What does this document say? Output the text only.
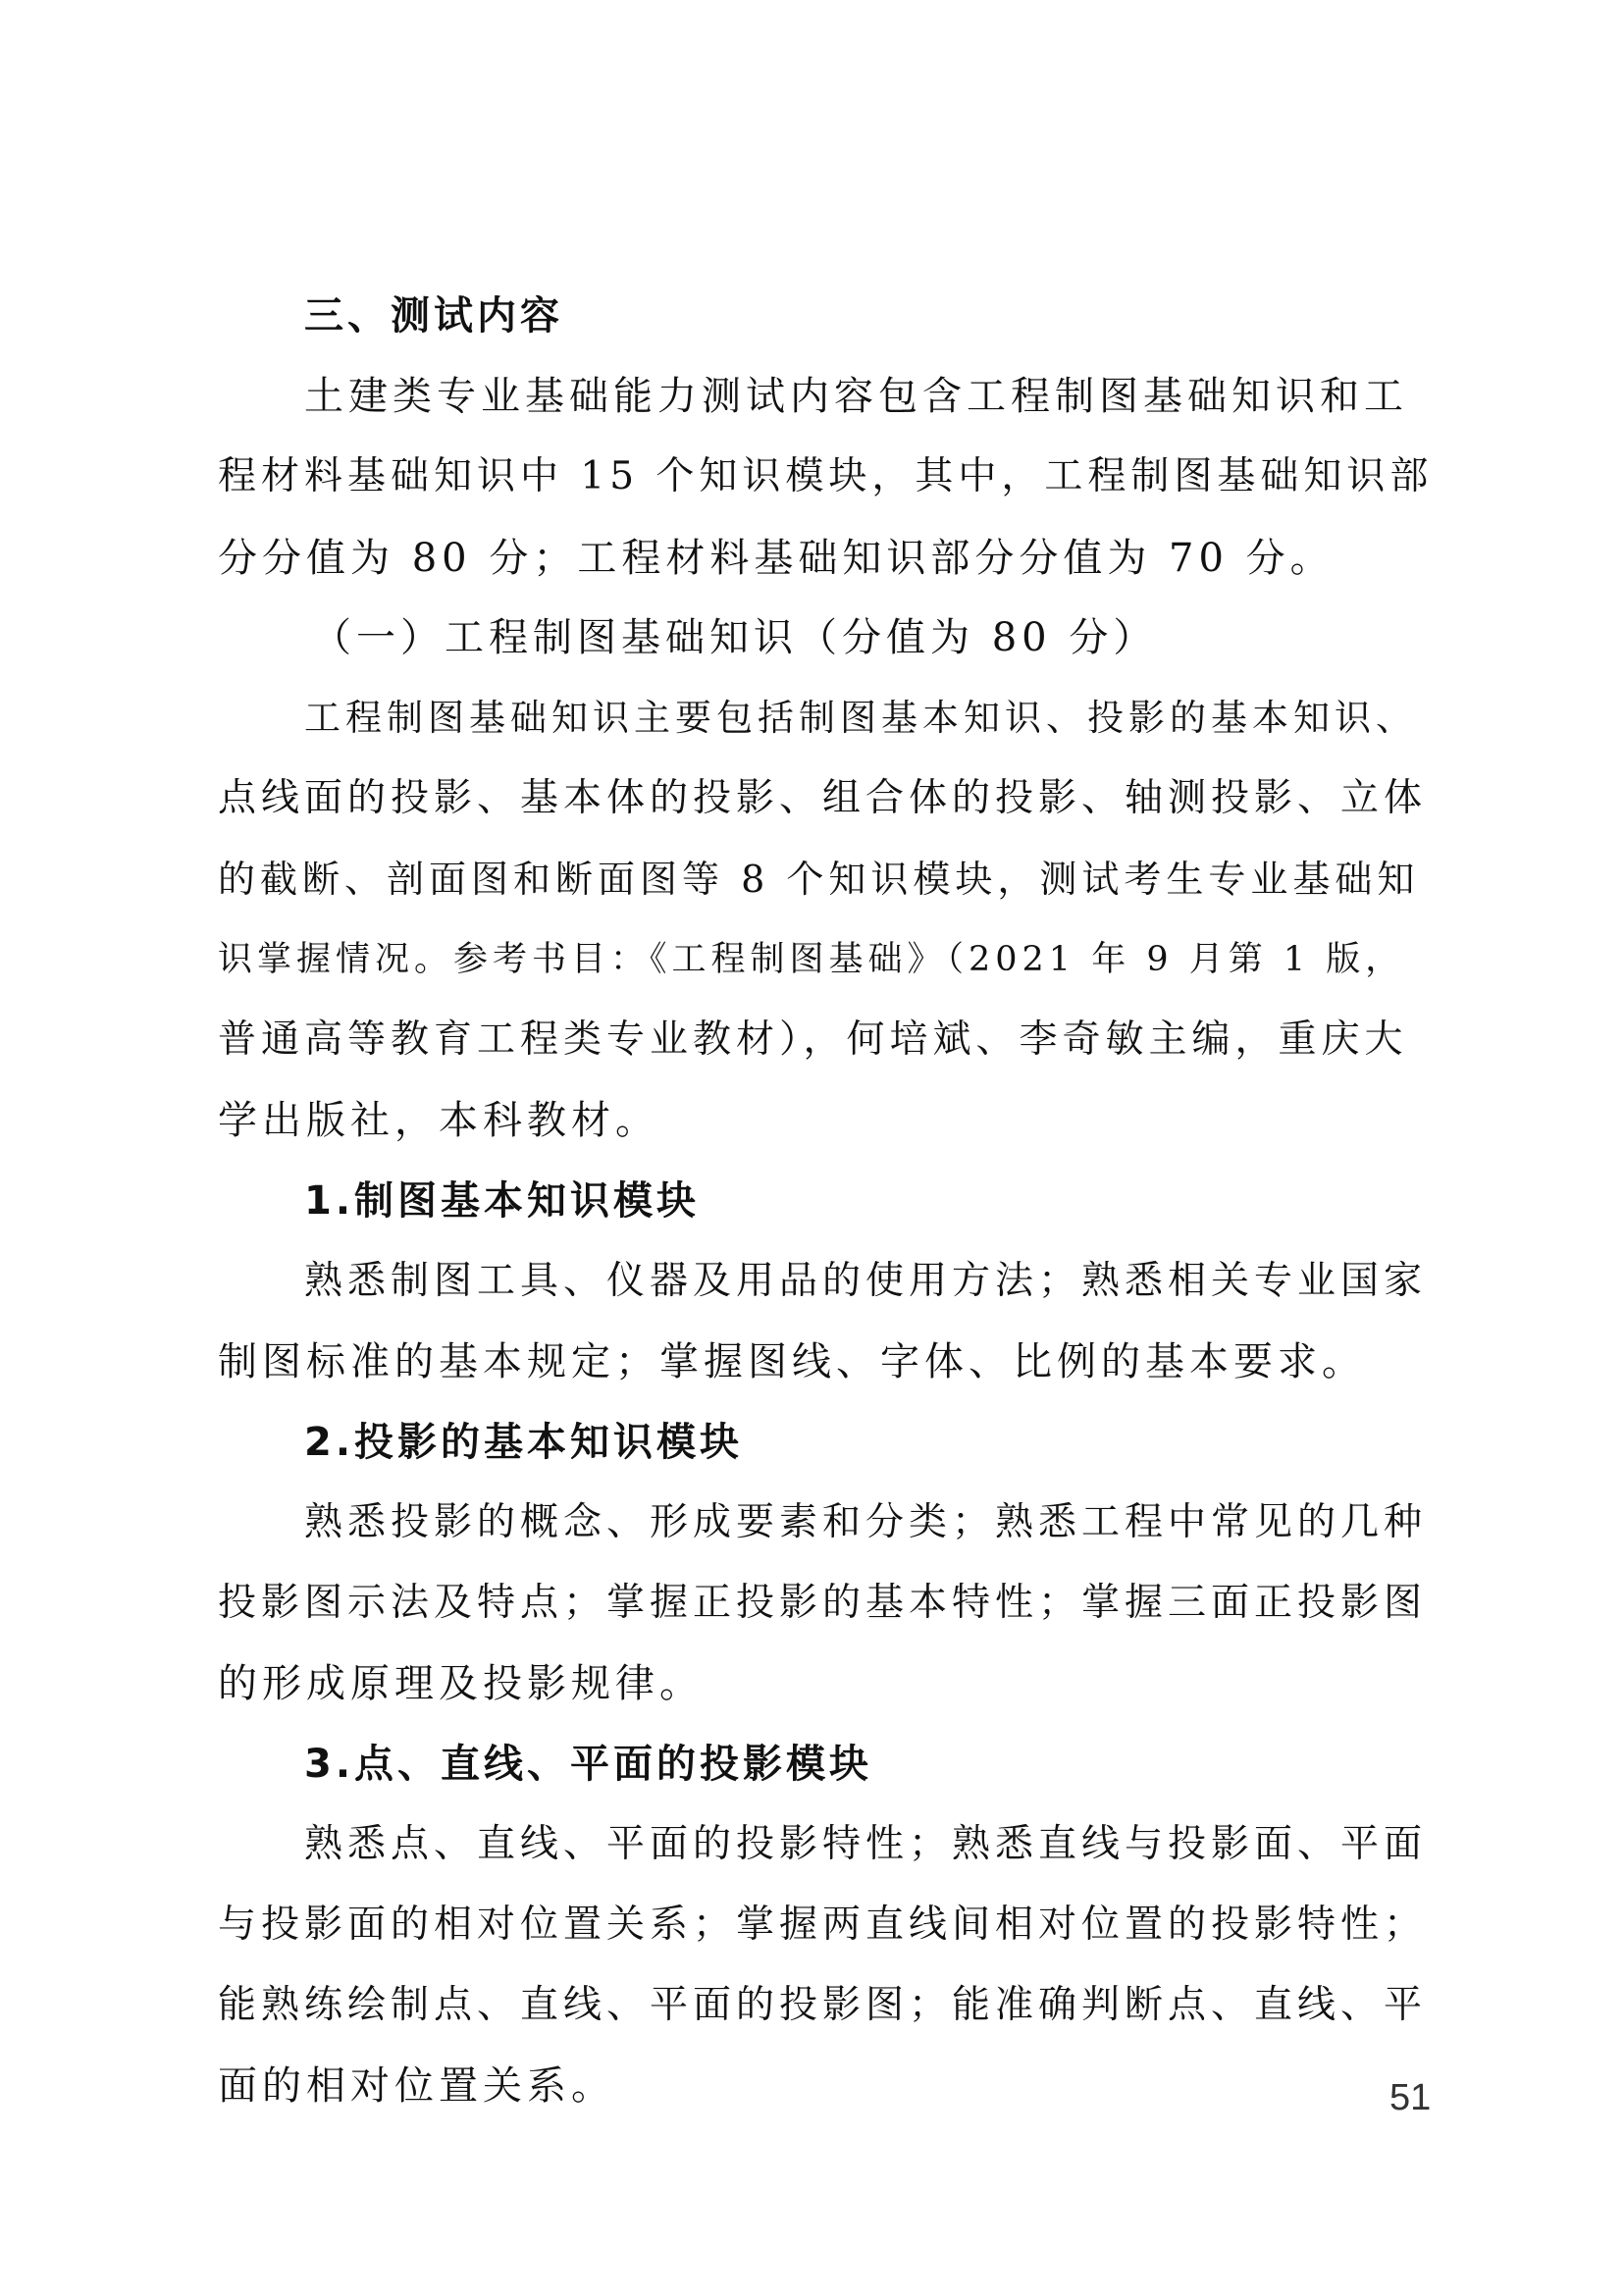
三、测试内容
土建类专业基础能力测试内容包含工程制图基础知识和工
程材料基础知识中 15 个知识模块，其中，工程制图基础知识部
分分值为 80 分；工程材料基础知识部分分值为 70 分。
（一）工程制图基础知识（分值为 80 分）
工程制图基础知识主要包括制图基本知识、投影的基本知识、
点线面的投影、基本体的投影、组合体的投影、轴测投影、立体
的截断、剖面图和断面图等 8 个知识模块，测试考生专业基础知
识掌握情况。参考书目：《工程制图基础》（2021 年 9 月第 1 版，
普通高等教育工程类专业教材），何培斌、李奇敏主编，重庆大
学出版社，本科教材。
1.制图基本知识模块
熟悉制图工具、仪器及用品的使用方法；熟悉相关专业国家
制图标准的基本规定；掌握图线、字体、比例的基本要求。
2.投影的基本知识模块
熟悉投影的概念、形成要素和分类；熟悉工程中常见的几种
投影图示法及特点；掌握正投影的基本特性；掌握三面正投影图
的形成原理及投影规律。
3.点、直线、平面的投影模块
熟悉点、直线、平面的投影特性；熟悉直线与投影面、平面
与投影面的相对位置关系；掌握两直线间相对位置的投影特性；
能熟练绘制点、直线、平面的投影图；能准确判断点、直线、平
面的相对位置关系。	51
